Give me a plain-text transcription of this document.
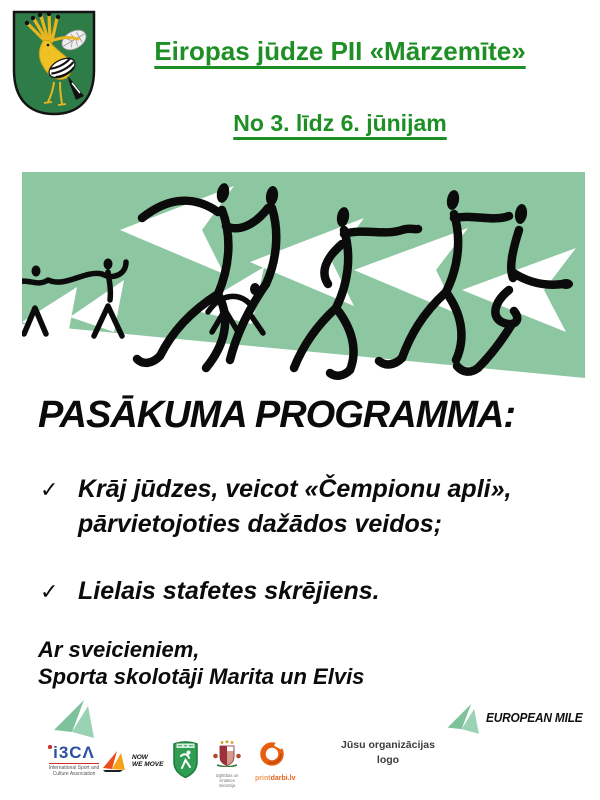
Eiropas jūdze PII «Mārzemīte»
No 3. līdz 6. jūnijam
PASĀKUMA PROGRAMMA:
✓ Krāj jūdzes, veicot «Čempionu apli», pārvietojoties dažādos veidos;
✓ Lielais stafetes skrējiens.
Ar sveicieniem,
Sporta skolotāji Marita un Elvis
i3CΛ
International Sport and
Culture Association
NOW
WE MOVE
Izglītības un zinātnes
ministrija
printdarbi.lv
Jūsu organizācijas
logo
EUROPEAN MILE
